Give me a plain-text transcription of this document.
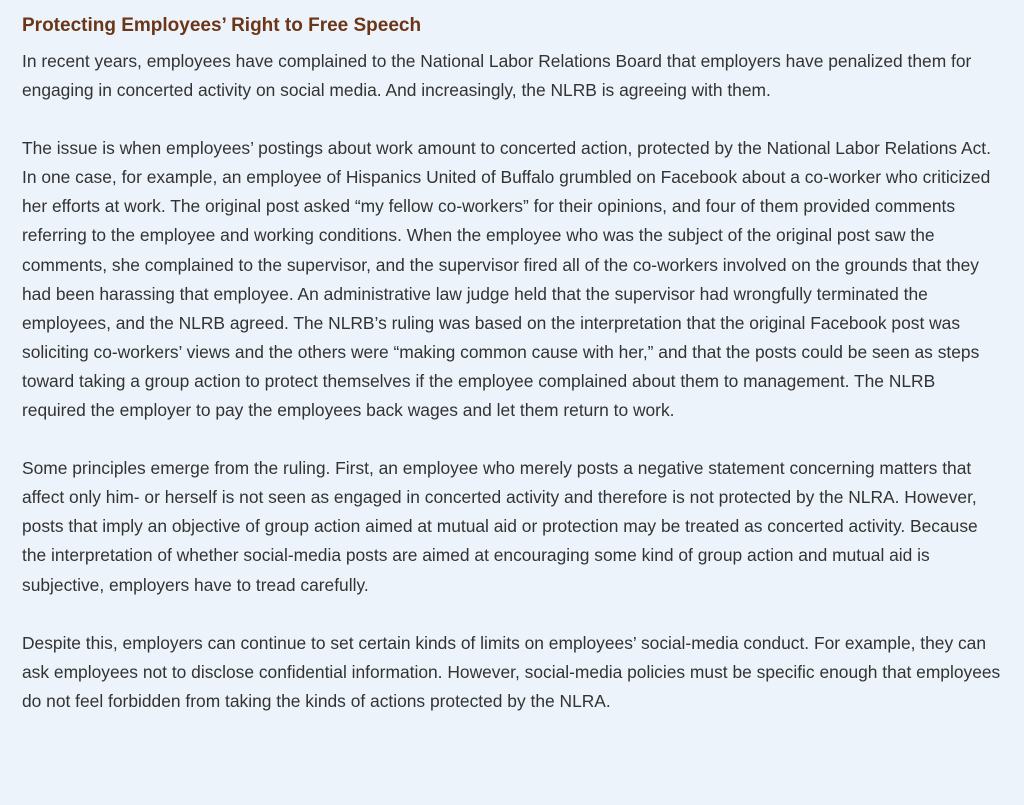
Protecting Employees’ Right to Free Speech

In recent years, employees have complained to the National Labor Relations Board that employers have penalized them for engaging in concerted activity on social media. And increasingly, the NLRB is agreeing with them.

The issue is when employees’ postings about work amount to concerted action, protected by the National Labor Relations Act. In one case, for example, an employee of Hispanics United of Buffalo grumbled on Facebook about a co-worker who criticized her efforts at work. The original post asked “my fellow co-workers” for their opinions, and four of them provided comments referring to the employee and working conditions. When the employee who was the subject of the original post saw the comments, she complained to the supervisor, and the supervisor fired all of the co-workers involved on the grounds that they had been harassing that employee. An administrative law judge held that the supervisor had wrongfully terminated the employees, and the NLRB agreed. The NLRB’s ruling was based on the interpretation that the original Facebook post was soliciting co-workers’ views and the others were “making common cause with her,” and that the posts could be seen as steps toward taking a group action to protect themselves if the employee complained about them to management. The NLRB required the employer to pay the employees back wages and let them return to work.

Some principles emerge from the ruling. First, an employee who merely posts a negative statement concerning matters that affect only him- or herself is not seen as engaged in concerted activity and therefore is not protected by the NLRA. However, posts that imply an objective of group action aimed at mutual aid or protection may be treated as concerted activity. Because the interpretation of whether social-media posts are aimed at encouraging some kind of group action and mutual aid is subjective, employers have to tread carefully.

Despite this, employers can continue to set certain kinds of limits on employees’ social-media conduct. For example, they can ask employees not to disclose confidential information. However, social-media policies must be specific enough that employees do not feel forbidden from taking the kinds of actions protected by the NLRA.
